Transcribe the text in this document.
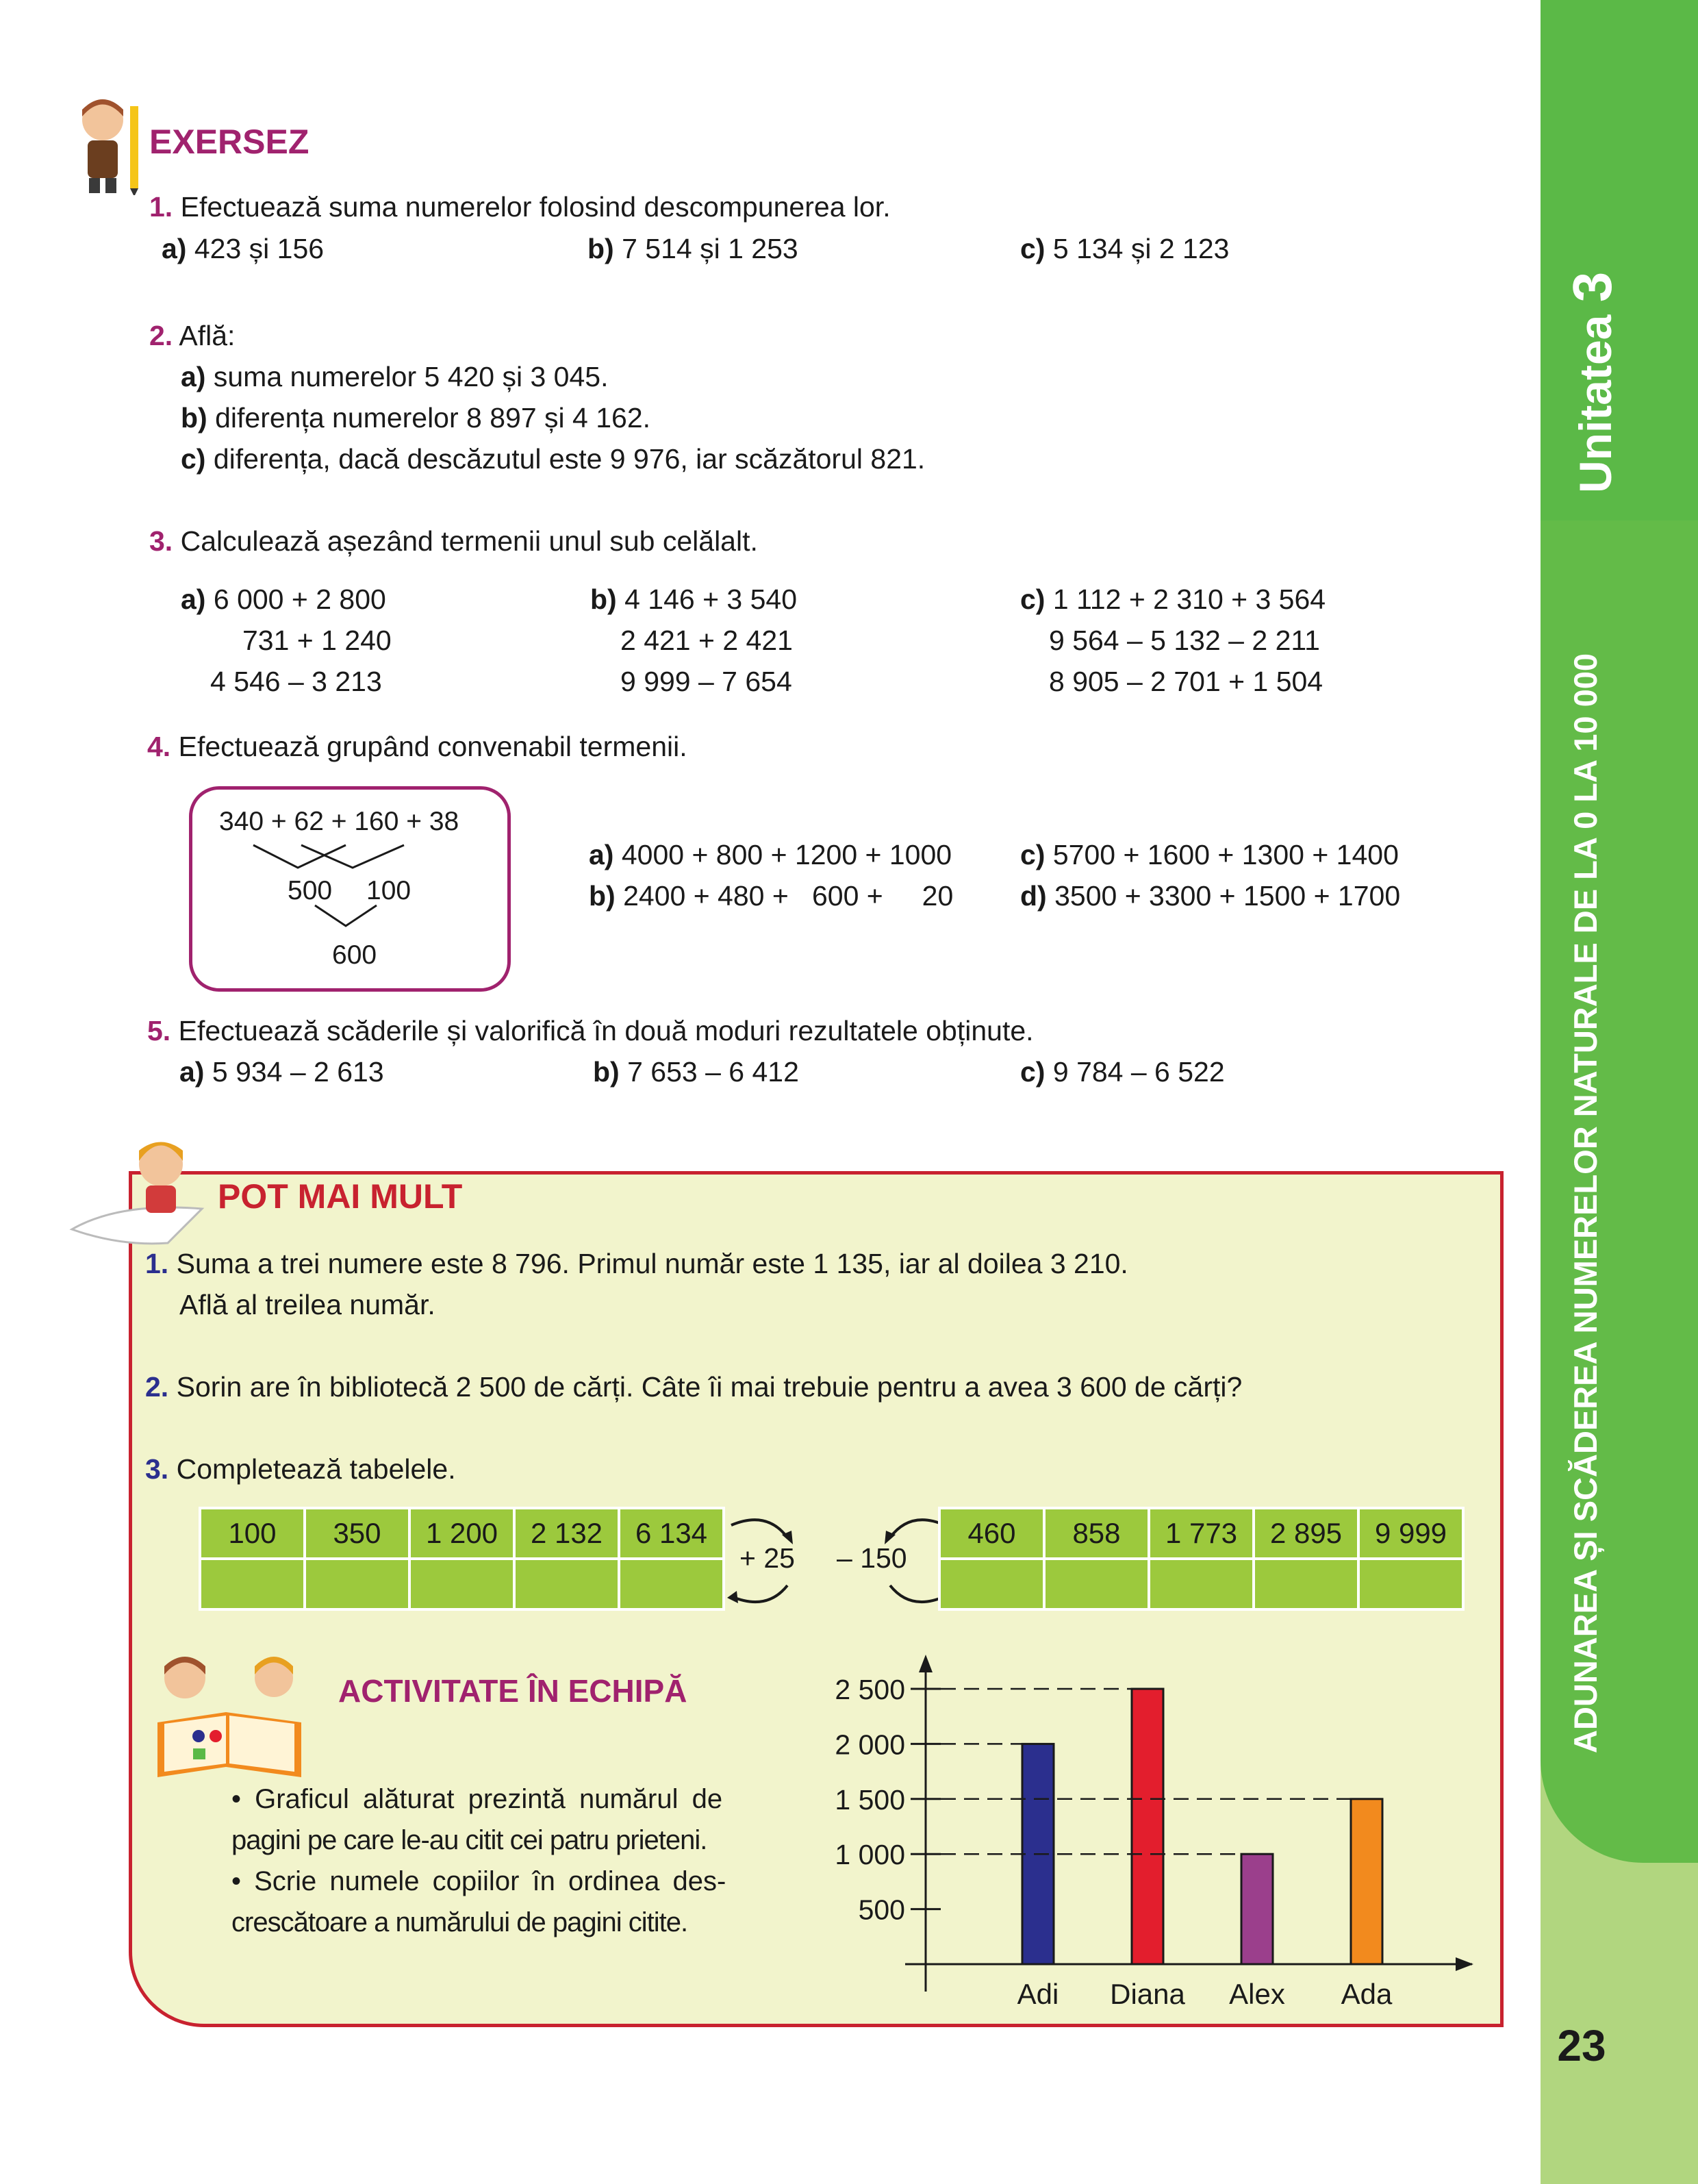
Unitatea 3
ADUNAREA ȘI SCĂDEREA NUMERELOR NATURALE DE LA 0 LA 10 000
23
EXERSEZ
1. Efectuează suma numerelor folosind descompunerea lor.
a) 423 și 156	b) 7 514 și 1 253	c) 5 134 și 2 123
2. Află:
a) suma numerelor 5 420 și 3 045.
b) diferența numerelor 8 897 și 4 162.
c) diferența, dacă descăzutul este 9 976, iar scăzătorul 821.
3. Calculează așezând termenii unul sub celălalt.
a) 6 000 + 2 800
731 + 1 240
4 546 – 3 213
b) 4 146 + 3 540
2 421 + 2 421
9 999 – 7 654
c) 1 112 + 2 310 + 3 564
9 564 – 5 132 – 2 211
8 905 – 2 701 + 1 504
4. Efectuează grupând convenabil termenii.
340 + 62 + 160 + 38
500 100
600
a) 4000 + 800 + 1200 + 1000
b) 2400 + 480 +   600 +     20
c) 5700 + 1600 + 1300 + 1400
d) 3500 + 3300 + 1500 + 1700
5. Efectuează scăderile și valorifică în două moduri rezultatele obținute.
a) 5 934 – 2 613	b) 7 653 – 6 412	c) 9 784 – 6 522
POT MAI MULT
1. Suma a trei numere este 8 796. Primul număr este 1 135, iar al doilea 3 210.
Află al treilea număr.
2. Sorin are în bibliotecă 2 500 de cărți. Câte îi mai trebuie pentru a avea 3 600 de cărți?
3. Completează tabelele.
100	350	1 200	2 132	6 134

+ 25 – 150
460	858	1 773	2 895	9 999

ACTIVITATE ÎN ECHIPĂ
• Graficul alăturat prezintă numărul de
pagini pe care le-au citit cei patru prieteni.
• Scrie numele copiilor în ordinea des-
crescătoare a numărului de pagini citite.	500
1 000
1 500
2 000
2 500
Adi Diana Alex Ada
